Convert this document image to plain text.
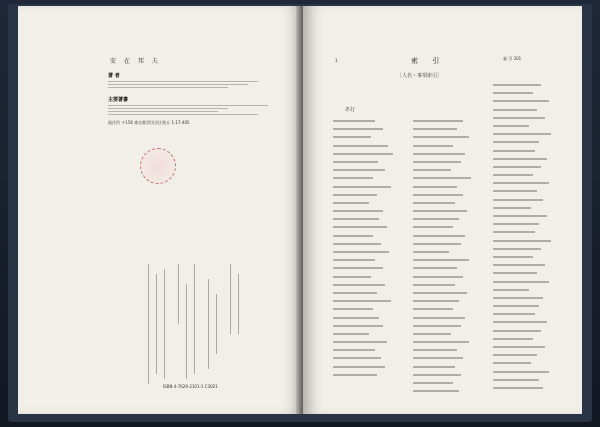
安 在 邦 夫
著 者
主要著書
現住所 〒156 東京都世田谷区桜丘 1-17-405
ISBN 4-7629-2101-1 C3021
1	索 引 301
索 引
［人名・事項索引］
あ行
